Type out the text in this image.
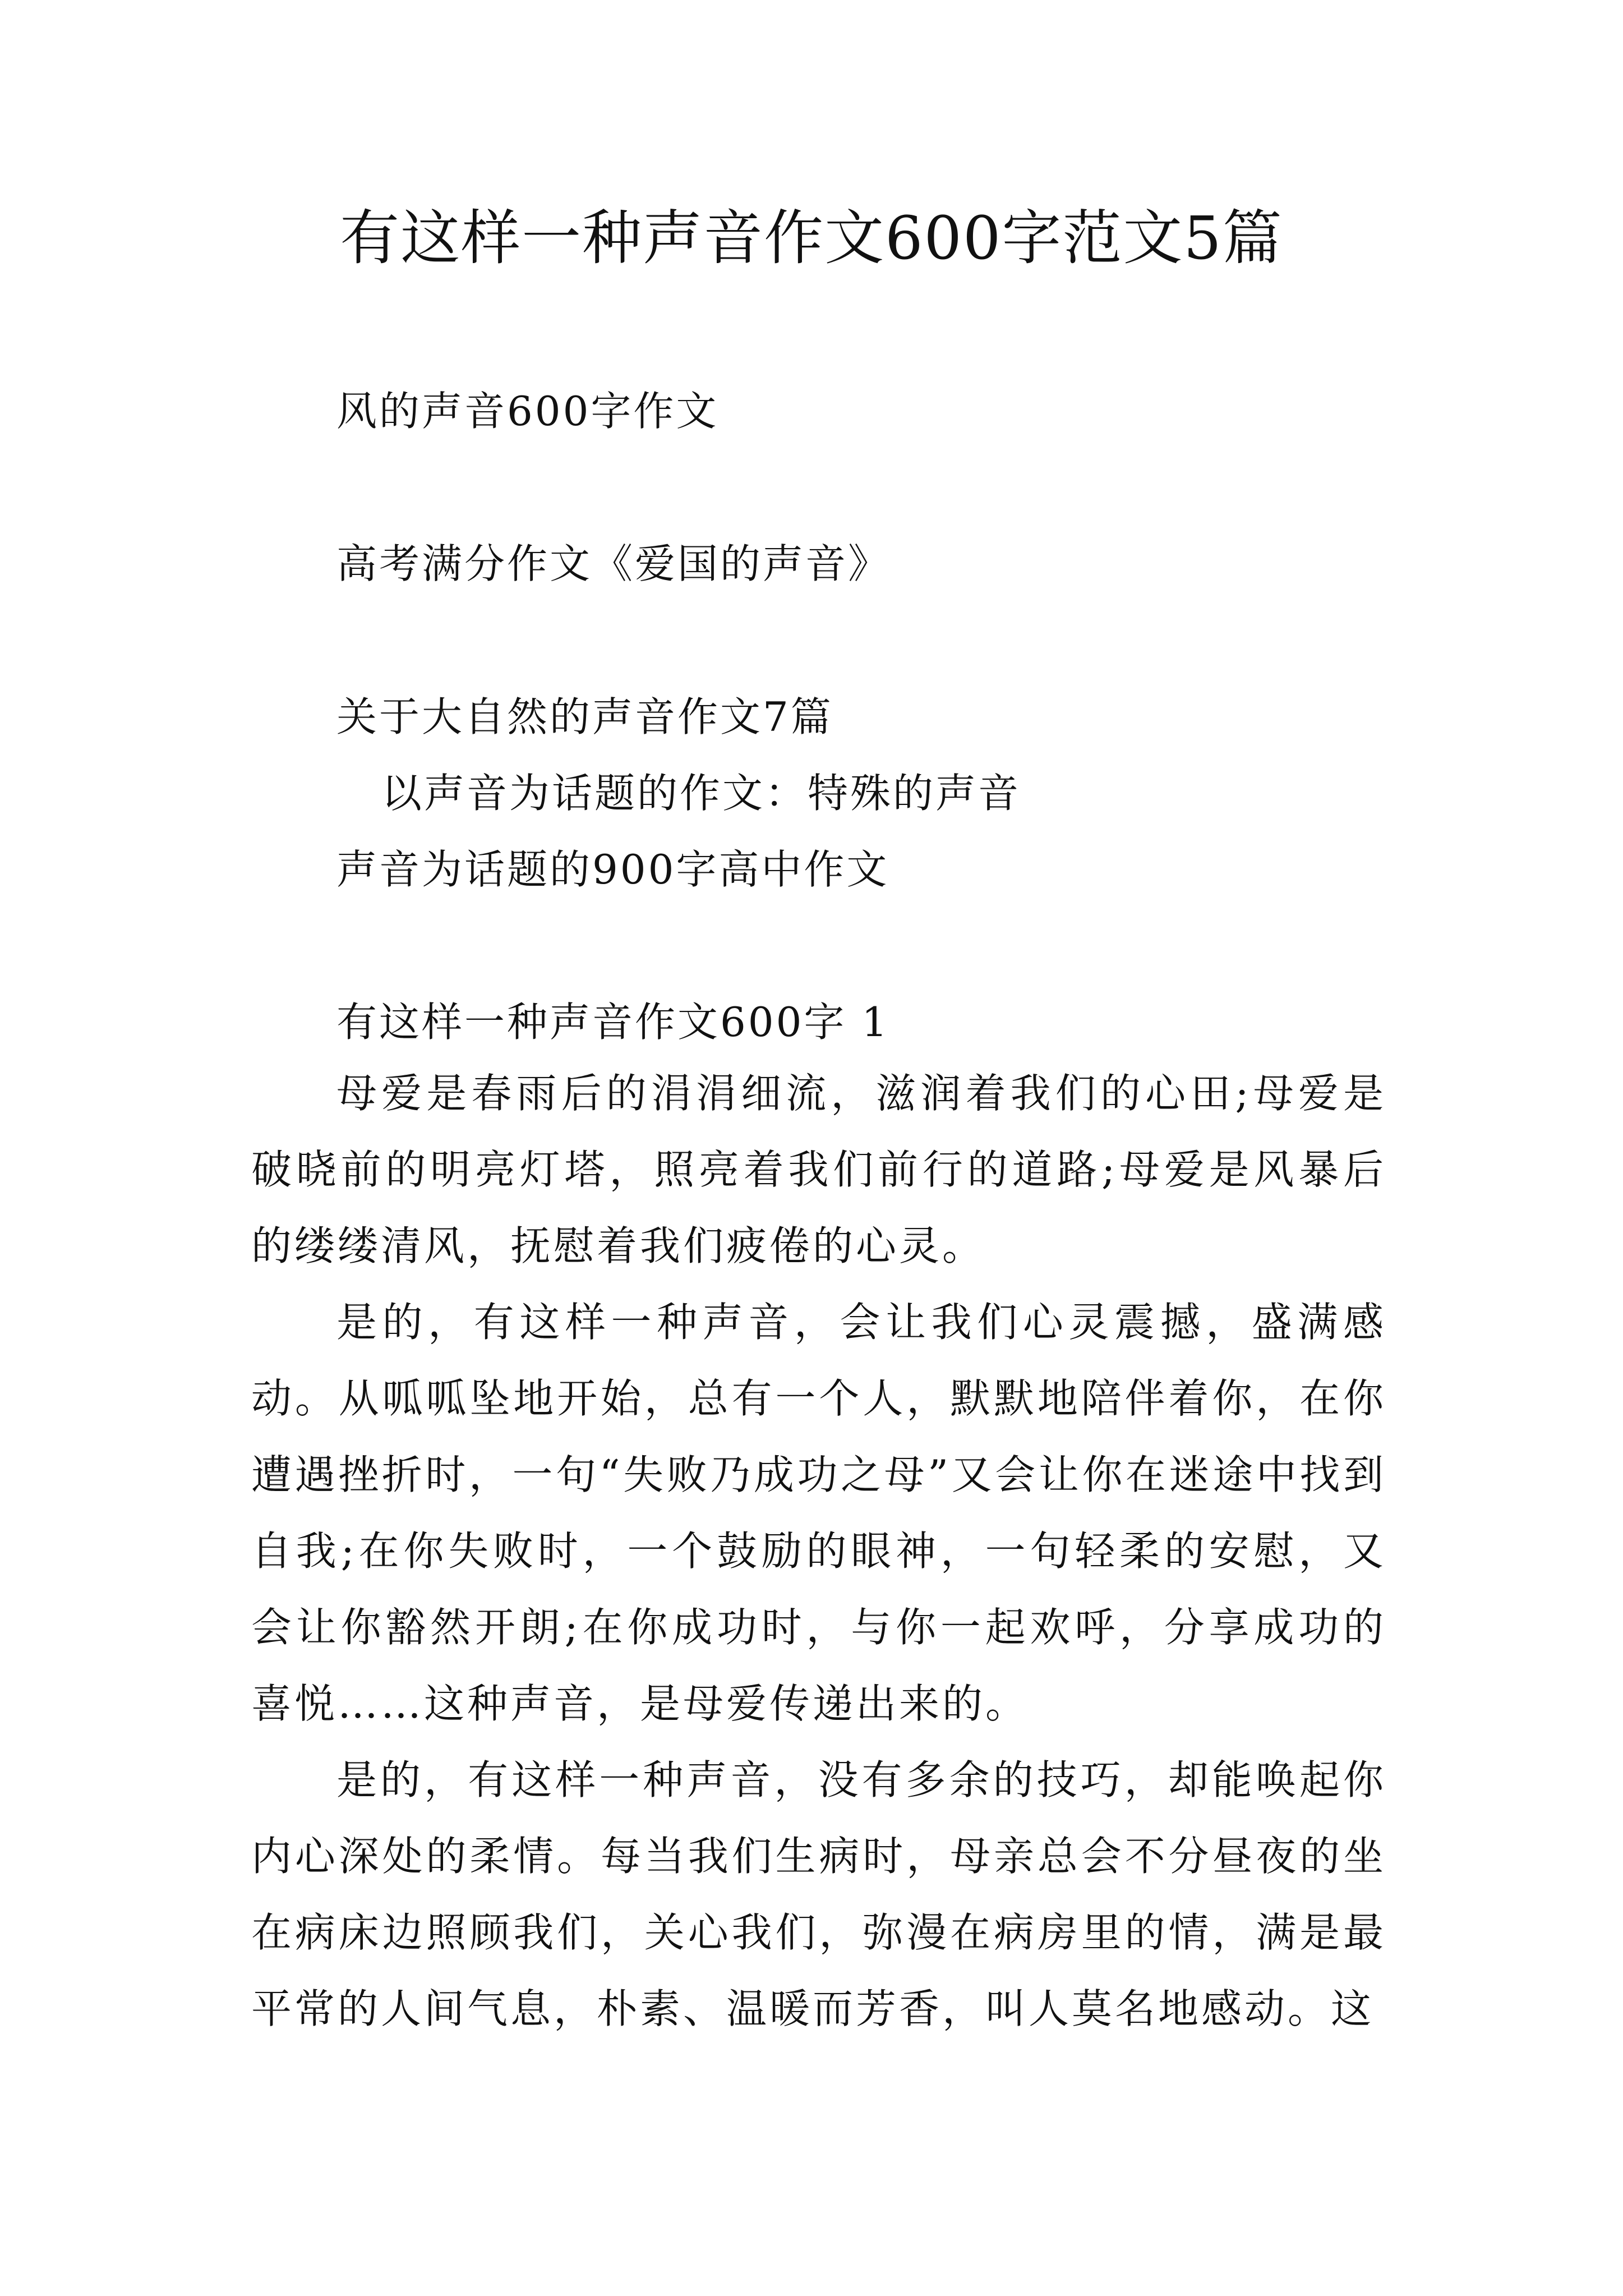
有这样一种声音作文600字范文5篇
风的声音600字作文
高考满分作文《爱国的声音》
关于大自然的声音作文7篇
以声音为话题的作文：特殊的声音
声音为话题的900字高中作文
有这样一种声音作文600字 1

母爱是春雨后的涓涓细流，滋润着我们的心田;母爱是破晓前的明亮灯塔，照亮着我们前行的道路;母爱是风暴后的缕缕清风，抚慰着我们疲倦的心灵。

是的，有这样一种声音，会让我们心灵震撼，盛满感动。从呱呱坠地开始，总有一个人，默默地陪伴着你，在你遭遇挫折时，一句“失败乃成功之母”又会让你在迷途中找到自我;在你失败时，一个鼓励的眼神，一句轻柔的安慰，又会让你豁然开朗;在你成功时，与你一起欢呼，分享成功的喜悦……这种声音，是母爱传递出来的。

是的，有这样一种声音，没有多余的技巧，却能唤起你内心深处的柔情。每当我们生病时，母亲总会不分昼夜的坐在病床边照顾我们，关心我们，弥漫在病房里的情，满是最平常的人间气息，朴素、温暖而芳香，叫人莫名地感动。这
